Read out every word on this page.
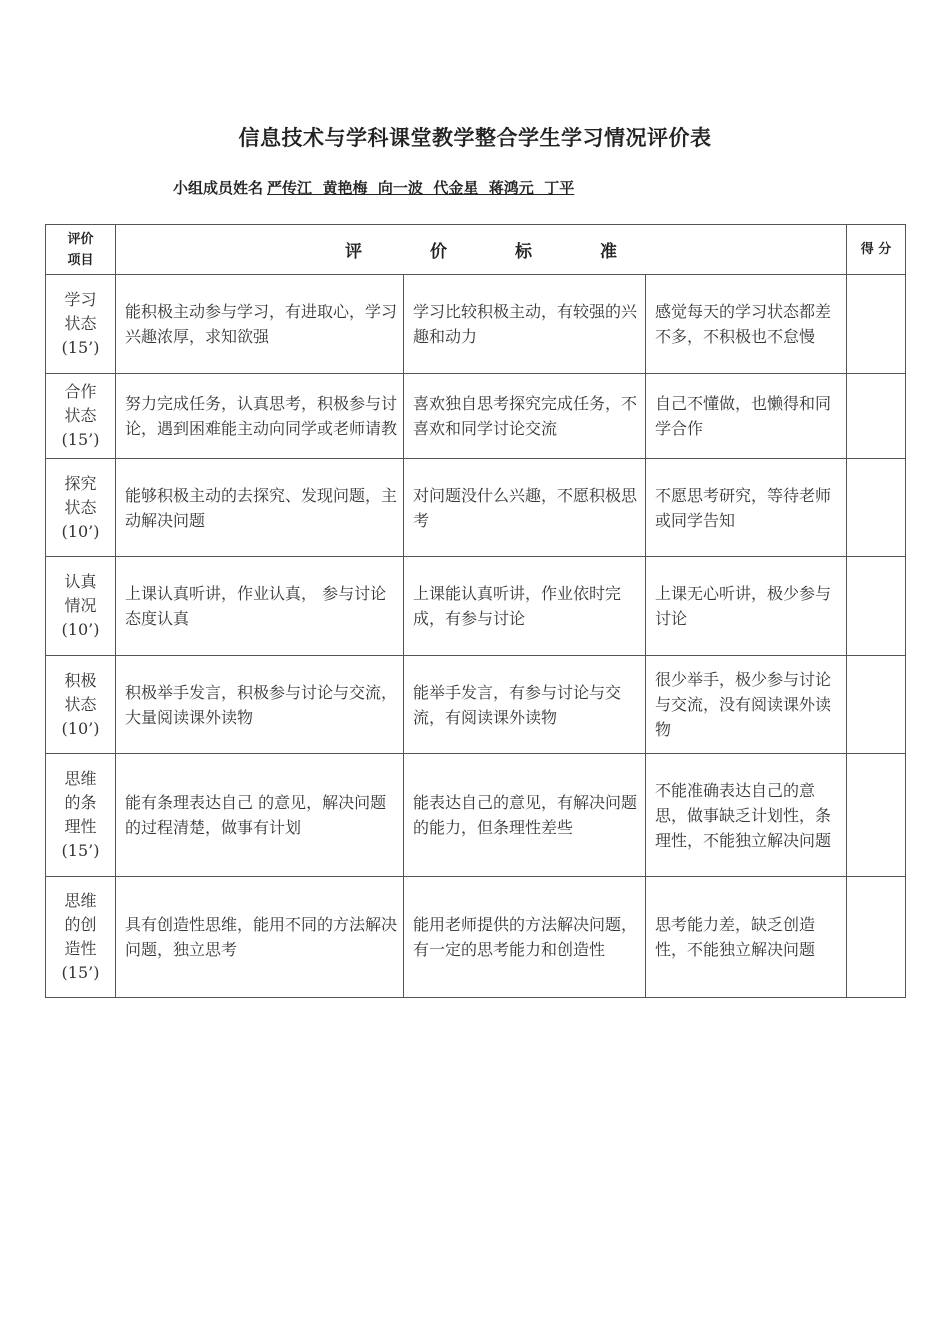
信息技术与学科课堂教学整合学生学习情况评价表
小组成员姓名 严传江  黄艳梅  向一波  代金星  蒋鸿元  丁平
评价
项目	评 价 标 准			得 分

学习
状态
(15’)	能积极主动参与学习，有进取心，学习兴趣浓厚，求知欲强	学习比较积极主动，有较强的兴趣和动力	感觉每天的学习状态都差不多，不积极也不怠慢	

合作
状态
(15’)	努力完成任务，认真思考，积极参与讨论，遇到困难能主动向同学或老师请教	喜欢独自思考探究完成任务，不喜欢和同学讨论交流	自己不懂做，也懒得和同学合作	

探究
状态
(10’)	能够积极主动的去探究、发现问题，主动解决问题	对问题没什么兴趣，不愿积极思考	不愿思考研究，等待老师或同学告知	

认真
情况
(10’)	上课认真听讲，作业认真， 参与讨论态度认真	上课能认真听讲，作业依时完成，有参与讨论	上课无心听讲，极少参与讨论	

积极
状态
(10’)	积极举手发言，积极参与讨论与交流，大量阅读课外读物	能举手发言，有参与讨论与交流，有阅读课外读物	很少举手，极少参与讨论与交流，没有阅读课外读物	

思维
的条
理性
(15’)	能有条理表达自己 的意见，解决问题的过程清楚，做事有计划	能表达自己的意见，有解决问题的能力，但条理性差些	不能准确表达自己的意思，做事缺乏计划性，条理性，不能独立解决问题	

思维
的创
造性
(15’)	具有创造性思维，能用不同的方法解决问题，独立思考	能用老师提供的方法解决问题，有一定的思考能力和创造性	思考能力差，缺乏创造性，不能独立解决问题	
